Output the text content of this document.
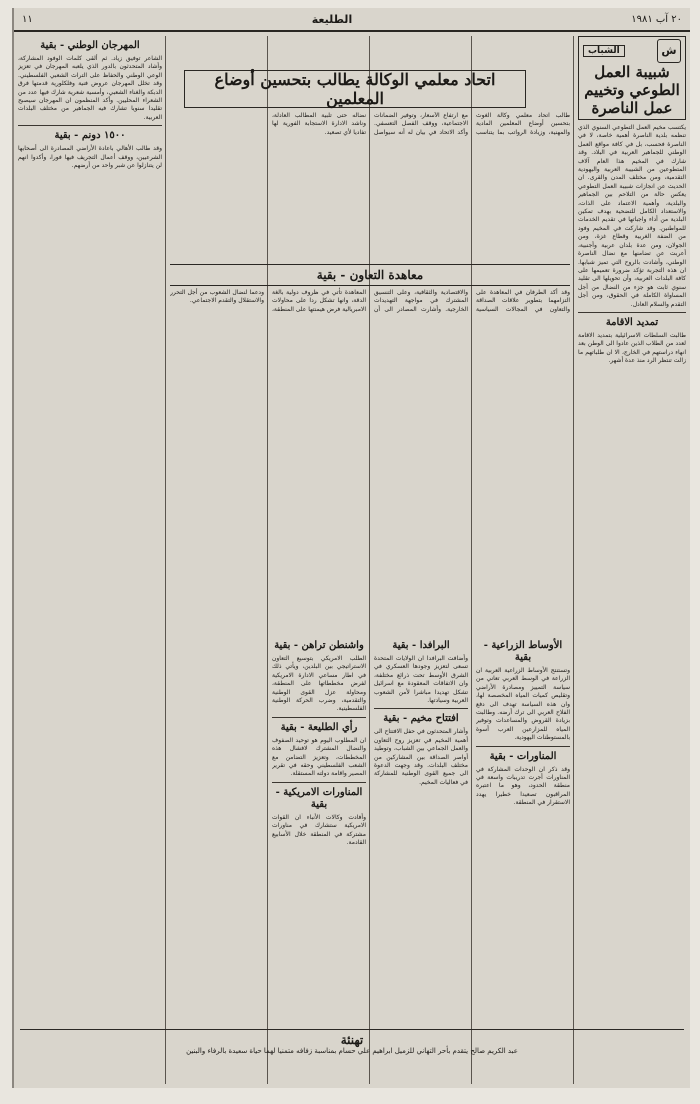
٢٠ آب ١٩٨١
الطليعة
١١
ش
الشباب
شبيبة العمل الطوعي وتخييم عمل الناصرة

يكتسب مخيم العمل التطوعي السنوي الذي تنظمه بلدية الناصرة أهمية خاصة، لا في الناصرة فحسب، بل في كافة مواقع العمل الوطني للجماهير العربية في البلاد. وقد شارك في المخيم هذا العام آلاف المتطوعين من الشبيبة العربية واليهودية التقدمية، ومن مختلف المدن والقرى. ان الحديث عن انجازات شبيبة العمل التطوعي يعكس حالة من التلاحم بين الجماهير والبلدية، وأهمية الاعتماد على الذات، والاستعداد الكامل للتضحية بهدف تمكين البلدية من أداء واجباتها في تقديم الخدمات للمواطنين. وقد شاركت في المخيم وفود من الضفة الغربية وقطاع غزة، ومن الجولان، ومن عدة بلدان عربية وأجنبية، أعربت عن تضامنها مع نضال الناصرة الوطني، وأشادت بالروح التي تميز شبابها. ان هذه التجربة تؤكد ضرورة تعميمها على كافة البلدات العربية، وأن تحويلها الى تقليد سنوي ثابت هو جزء من النضال من أجل المساواة الكاملة في الحقوق، ومن أجل التقدم والسلام العادل.

تمديد الاقامة

طالبت السلطات الاسرائيلية بتمديد الاقامة لعدد من الطلاب الذين عادوا الى الوطن بعد انهاء دراستهم في الخارج، الا ان طلباتهم ما زالت تنتظر الرد منذ عدة أشهر.

الأوساط الزراعية - بقية

وتستنتج الأوساط الزراعية العربية ان الزراعة في الوسط العربي تعاني من سياسة التمييز ومصادرة الأراضي وتقليص كميات المياه المخصصة لها، وان هذه السياسة تهدف الى دفع الفلاح العربي الى ترك أرضه. وطالبت بزيادة القروض والمساعدات وتوفير المياه للمزارعين العرب أسوة بالمستوطنات اليهودية.

المناورات - بقية

وقد ذكر ان الوحدات المشاركة في المناورات أجرت تدريبات واسعة في منطقة الحدود، وهو ما اعتبره المراقبون تصعيدا خطيرا يهدد الاستقرار في المنطقة.

البرافدا - بقية

وأضافت البرافدا ان الولايات المتحدة تسعى لتعزيز وجودها العسكري في الشرق الأوسط تحت ذرائع مختلفة، وان الاتفاقات المعقودة مع اسرائيل تشكل تهديدا مباشرا لأمن الشعوب العربية وسيادتها.

افتتاح مخيم - بقية

وأشار المتحدثون في حفل الافتتاح الى أهمية المخيم في تعزيز روح التعاون والعمل الجماعي بين الشباب، وتوطيد أواصر الصداقة بين المشاركين من مختلف البلدات. وقد وجهت الدعوة الى جميع القوى الوطنية للمشاركة في فعاليات المخيم.

واشنطن تراهن - بقية

الطلب الامريكي بتوسيع التعاون الاستراتيجي بين البلدين، ويأتي ذلك في اطار مساعي الادارة الامريكية لفرض مخططاتها على المنطقة، ومحاولة عزل القوى الوطنية والتقدمية، وضرب الحركة الوطنية الفلسطينية.

رأي الطليعة - بقية

ان المطلوب اليوم هو توحيد الصفوف والنضال المشترك لافشال هذه المخططات، وتعزيز التضامن مع الشعب الفلسطيني وحقه في تقرير المصير واقامة دولته المستقلة.

المناورات الامريكية - بقية

وأفادت وكالات الأنباء ان القوات الامريكية ستشارك في مناورات مشتركة في المنطقة خلال الأسابيع القادمة.

اتحاد معلمي الوكالة يطالب بتحسين أوضاع المعلمين

طالب اتحاد معلمي وكالة الغوث بتحسين أوضاع المعلمين المادية والمهنية، وزيادة الرواتب بما يتناسب مع ارتفاع الأسعار، وتوفير الضمانات الاجتماعية، ووقف الفصل التعسفي. وأكد الاتحاد في بيان له أنه سيواصل نضاله حتى تلبية المطالب العادلة، وناشد الادارة الاستجابة الفورية لها تفاديا لأي تصعيد.

معاهدة التعاون - بقية

وقد أكد الطرفان في المعاهدة على التزامهما بتطوير علاقات الصداقة والتعاون في المجالات السياسية والاقتصادية والثقافية، وعلى التنسيق المشترك في مواجهة التهديدات الخارجية. وأشارت المصادر الى أن المعاهدة تأتي في ظروف دولية بالغة الدقة، وانها تشكل ردا على محاولات الامبريالية فرض هيمنتها على المنطقة، ودعما لنضال الشعوب من أجل التحرر والاستقلال والتقدم الاجتماعي.

المهرجان الوطني - بقية

الشاعر توفيق زياد. ثم ألقى كلمات الوفود المشاركة، وأشاد المتحدثون بالدور الذي يلعبه المهرجان في تعزيز الوعي الوطني والحفاظ على التراث الشعبي الفلسطيني. وقد تخلل المهرجان عروض فنية وفلكلورية قدمتها فرق الدبكة والغناء الشعبي، وأمسية شعرية شارك فيها عدد من الشعراء المحليين. وأكد المنظمون ان المهرجان سيصبح تقليدا سنويا تشارك فيه الجماهير من مختلف البلدات العربية.

١٥٠٠ دونم - بقية

وقد طالب الأهالي باعادة الأراضي المصادرة الى أصحابها الشرعيين، ووقف أعمال التجريف فيها فورا، وأكدوا انهم لن يتنازلوا عن شبر واحد من أرضهم.

تهنئة
عبد الكريم صالح يتقدم بأحر التهاني للزميل ابراهيم علي حسام بمناسبة زفافه متمنيا لهما حياة سعيدة بالرفاء والبنين
